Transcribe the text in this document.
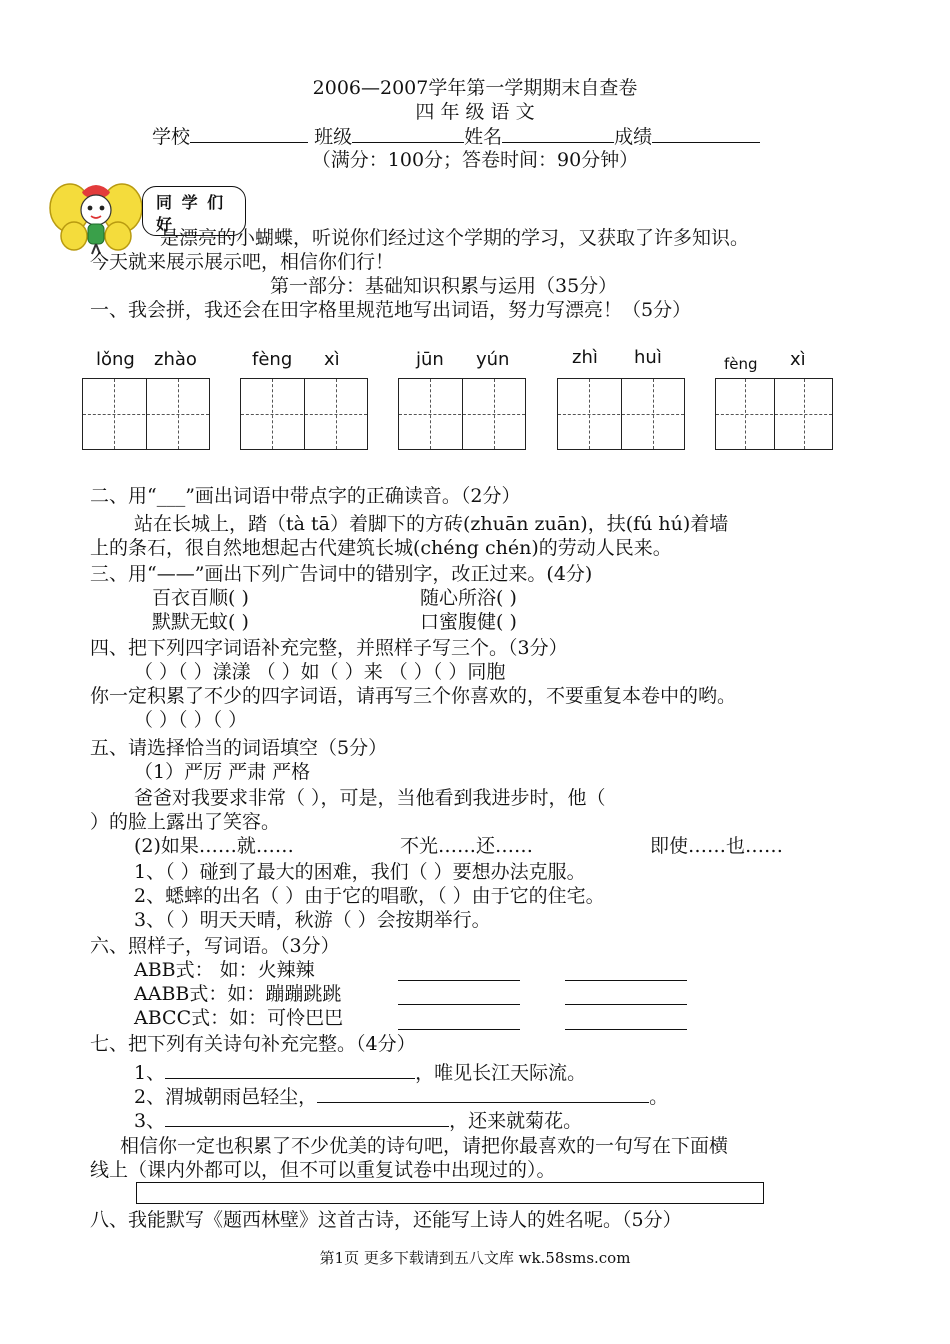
2006—2007学年第一学期期末自查卷
四 年 级 语 文
学校	班级	姓名	成绩
（满分：100分；答卷时间：90分钟）
同 学 们 好
是漂亮的小蝴蝶，听说你们经过这个学期的学习，又获取了许多知识。
今天就来展示展示吧，相信你们行！
第一部分：基础知识积累与运用（35分）
一、我会拼，我还会在田字格里规范地写出词语，努力写漂亮！（5分）
lǒng zhào	fèng xì	jūn yún	zhì huì	fèng xì
二、用“___”画出词语中带点字的正确读音。（2分）
站在长城上，踏（tà tā）着脚下的方砖(zhuān zuān)，扶(fú hú)着墙
上的条石，很自然地想起古代建筑长城(chéng chén)的劳动人民来。
三、用“——”画出下列广告词中的错别字，改正过来。(4分)
百衣百顺( )	随心所浴( )
默默无蚊( )	口蜜腹健( )
四、把下列四字词语补充完整，并照样子写三个。（3分）
（ ）（ ）漾漾 （ ）如（ ）来 （ ）（ ）同胞
你一定积累了不少的四字词语，请再写三个你喜欢的，不要重复本卷中的哟。
（ ）（ ）（ ）
五、请选择恰当的词语填空（5分）
（1）严厉 严肃 严格
爸爸对我要求非常（ ），可是，当他看到我进步时，他（
）的脸上露出了笑容。
(2)如果……就……	不光……还……	即使……也……
1、（ ）碰到了最大的困难，我们（ ）要想办法克服。
2、蟋蟀的出名（ ）由于它的唱歌，（ ）由于它的住宅。
3、（ ）明天天晴，秋游（ ）会按期举行。
六、照样子，写词语。（3分）
ABB式： 如：火辣辣
AABB式：如：蹦蹦跳跳
ABCC式：如：可怜巴巴
七、把下列有关诗句补充完整。（4分）
1、	，唯见长江天际流。
2、渭城朝雨邑轻尘，	。
3、	，还来就菊花。
相信你一定也积累了不少优美的诗句吧，请把你最喜欢的一句写在下面横
线上（课内外都可以，但不可以重复试卷中出现过的）。
八、我能默写《题西林壁》这首古诗，还能写上诗人的姓名呢。（5分）
第1页 更多下载请到五八文库 wk.58sms.com
